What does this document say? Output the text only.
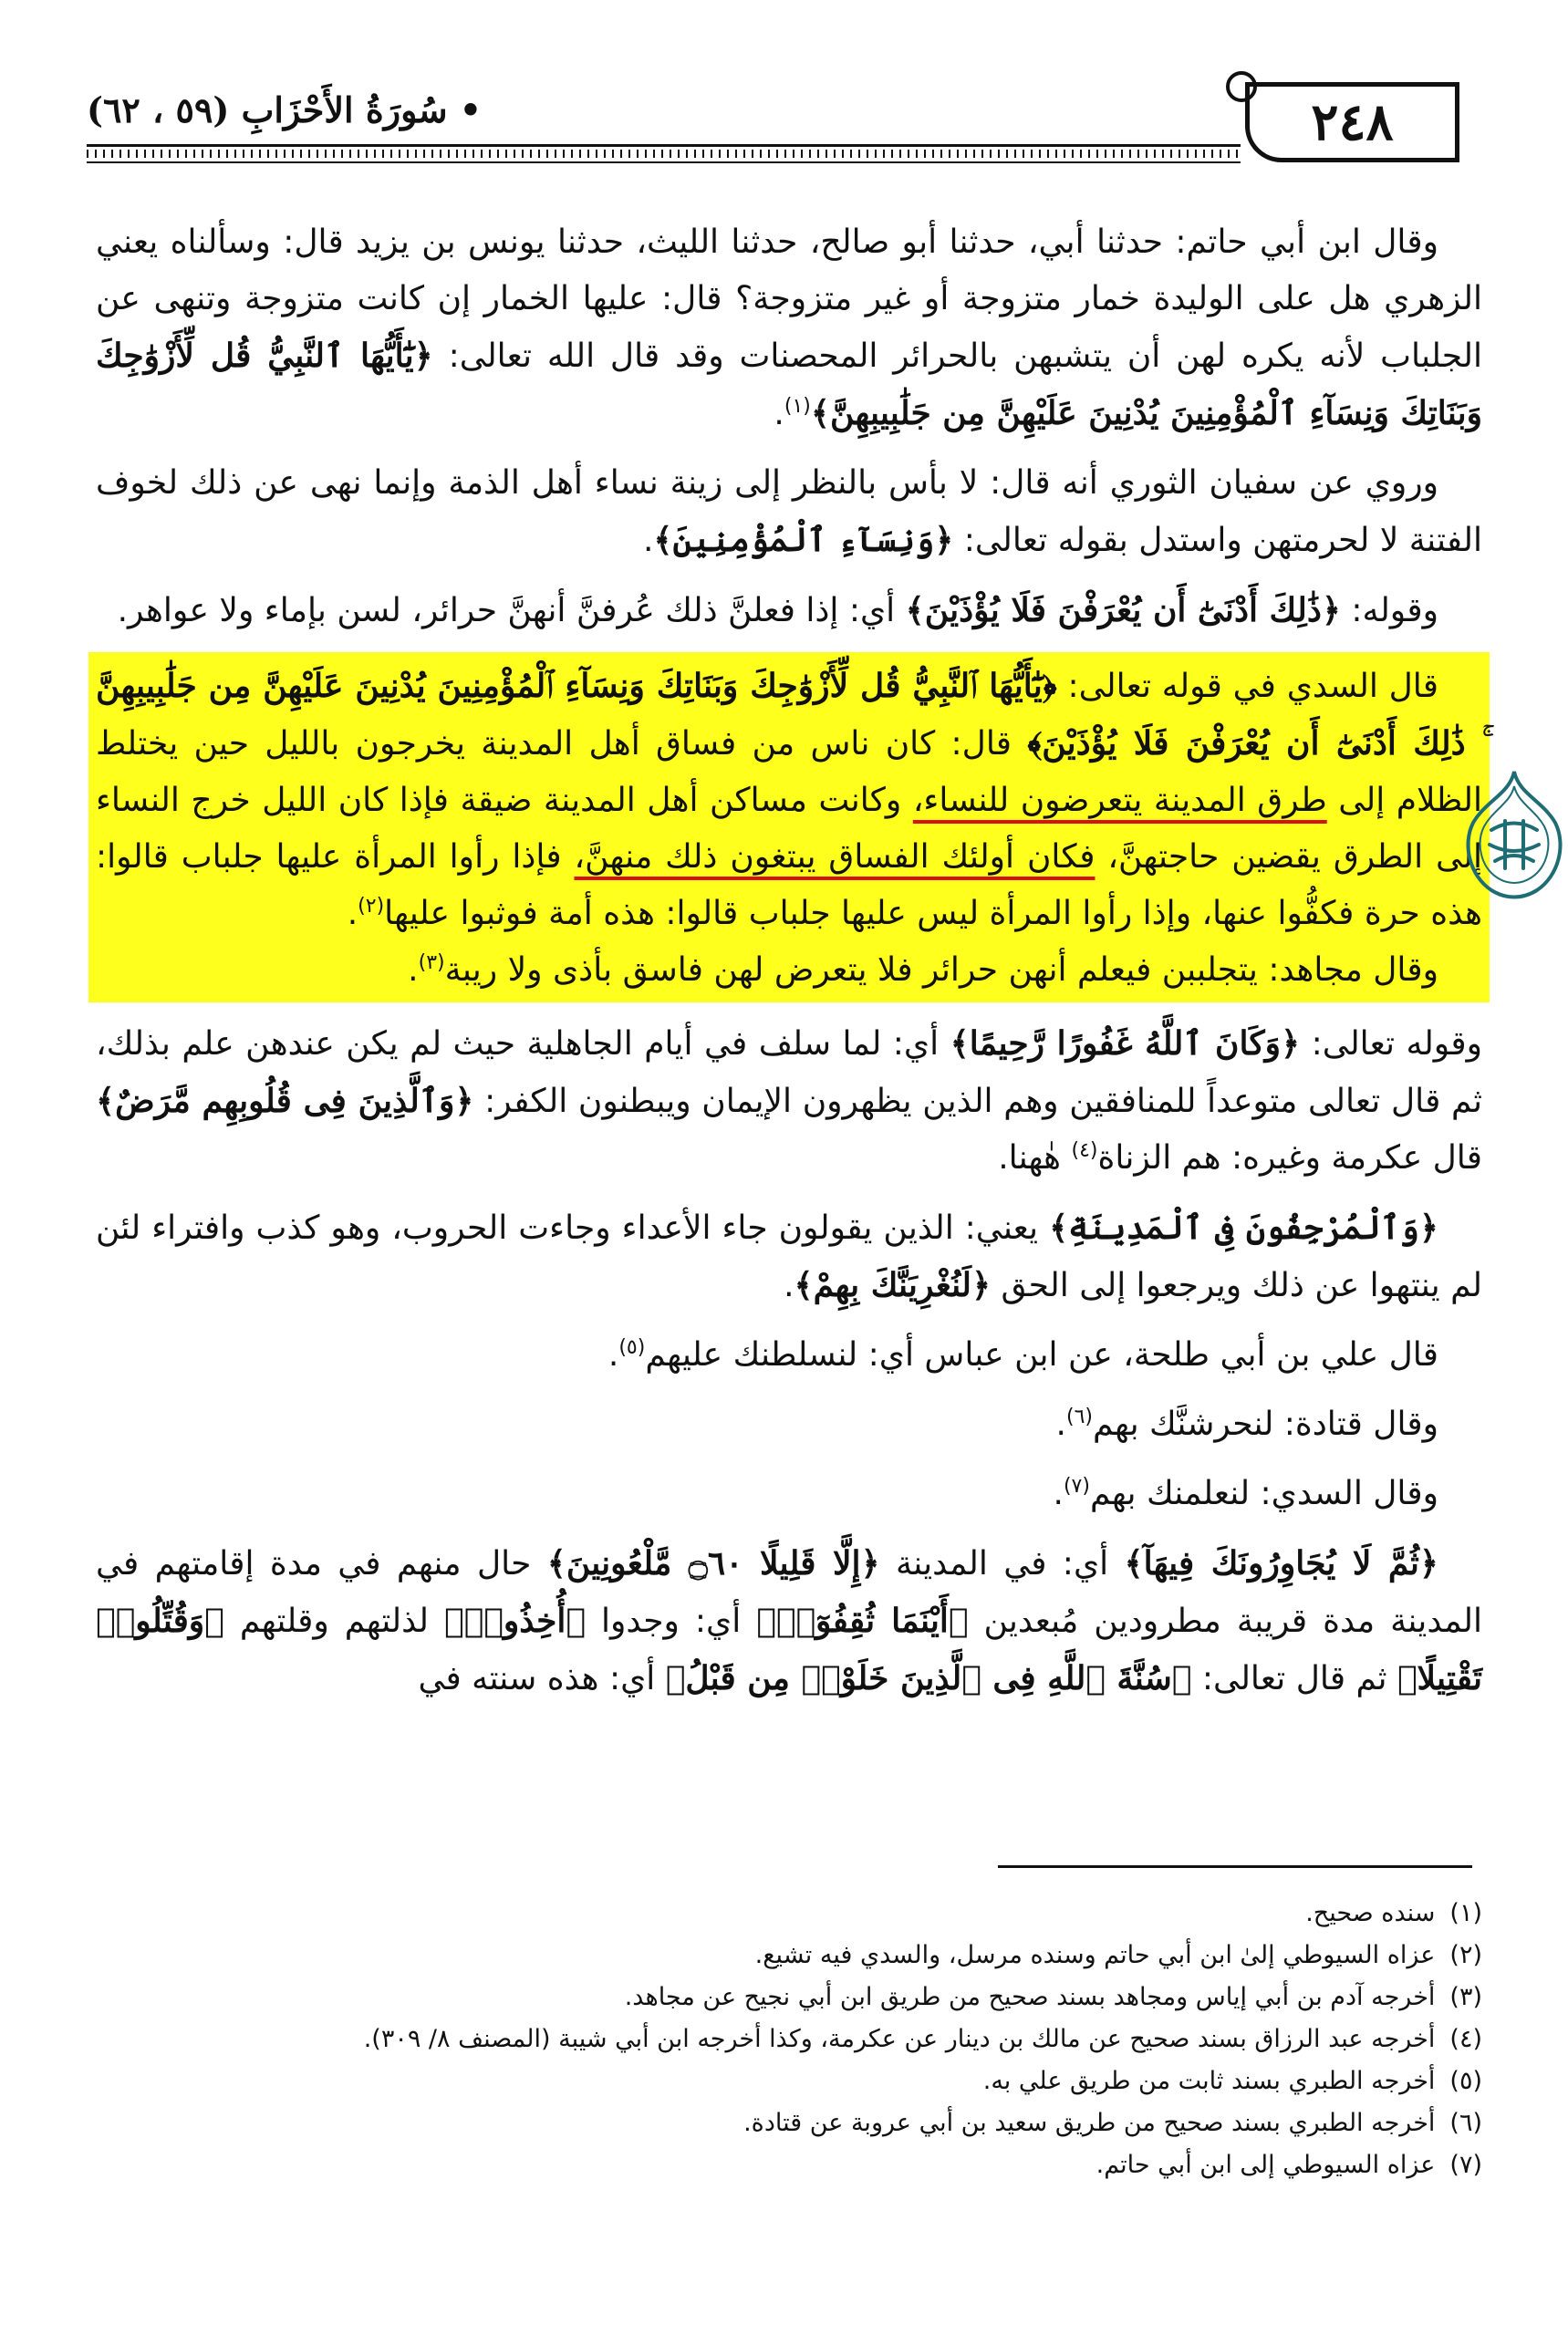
٢٤٨
• سُورَةُ الأَحْزَابِ (٥٩ ، ٦٢)

وقال ابن أبي حاتم: حدثنا أبي، حدثنا أبو صالح، حدثنا الليث، حدثنا يونس بن يزيد قال: وسألناه يعني الزهري هل على الوليدة خمار متزوجة أو غير متزوجة؟ قال: عليها الخمار إن كانت متزوجة وتنهى عن الجلباب لأنه يكره لهن أن يتشبهن بالحرائر المحصنات وقد قال الله تعالى: ﴿يَٰٓأَيُّهَا ٱلنَّبِيُّ قُل لِّأَزْوَٰجِكَ وَبَنَاتِكَ وَنِسَآءِ ٱلْمُؤْمِنِينَ يُدْنِينَ عَلَيْهِنَّ مِن جَلَٰبِيبِهِنَّ﴾$^{(١)}$.

وروي عن سفيان الثوري أنه قال: لا بأس بالنظر إلى زينة نساء أهل الذمة وإنما نهى عن ذلك لخوف الفتنة لا لحرمتهن واستدل بقوله تعالى: ﴿وَنِسَآءِ ٱلْمُؤْمِنِينَ﴾.

وقوله: ﴿ذَٰلِكَ أَدْنَىٰٓ أَن يُعْرَفْنَ فَلَا يُؤْذَيْنَ﴾ أي: إذا فعلنَّ ذلك عُرفنَّ أنهنَّ حرائر، لسن بإماء ولا عواهر.

قال السدي في قوله تعالى: ﴿يَٰٓأَيُّهَا ٱلنَّبِيُّ قُل لِّأَزْوَٰجِكَ وَبَنَاتِكَ وَنِسَآءِ ٱلْمُؤْمِنِينَ يُدْنِينَ عَلَيْهِنَّ مِن جَلَٰبِيبِهِنَّ ۚ ذَٰلِكَ أَدْنَىٰٓ أَن يُعْرَفْنَ فَلَا يُؤْذَيْنَ﴾ قال: كان ناس من فساق أهل المدينة يخرجون بالليل حين يختلط الظلام إلى طرق المدينة يتعرضون للنساء، وكانت مساكن أهل المدينة ضيقة فإذا كان الليل خرج النساء إلى الطرق يقضين حاجتهنَّ، فكان أولئك الفساق يبتغون ذلك منهنَّ، فإذا رأوا المرأة عليها جلباب قالوا: هذه حرة فكفُّوا عنها، وإذا رأوا المرأة ليس عليها جلباب قالوا: هذه أمة فوثبوا عليها$^{(٢)}$.

وقال مجاهد: يتجلببن فيعلم أنهن حرائر فلا يتعرض لهن فاسق بأذى ولا ريبة$^{(٣)}$.

وقوله تعالى: ﴿وَكَانَ ٱللَّهُ غَفُورًا رَّحِيمًا﴾ أي: لما سلف في أيام الجاهلية حيث لم يكن عندهن علم بذلك، ثم قال تعالى متوعداً للمنافقين وهم الذين يظهرون الإيمان ويبطنون الكفر: ﴿وَٱلَّذِينَ فِى قُلُوبِهِم مَّرَضٌ﴾ قال عكرمة وغيره: هم الزناة$^{(٤)}$ هٰهنا.

﴿وَٱلْمُرْجِفُونَ فِى ٱلْمَدِينَةِ﴾ يعني: الذين يقولون جاء الأعداء وجاءت الحروب، وهو كذب وافتراء لئن لم ينتهوا عن ذلك ويرجعوا إلى الحق ﴿لَنُغْرِيَنَّكَ بِهِمْ﴾.

قال علي بن أبي طلحة، عن ابن عباس أي: لنسلطنك عليهم$^{(٥)}$.

وقال قتادة: لنحرشنَّك بهم$^{(٦)}$.

وقال السدي: لنعلمنك بهم$^{(٧)}$.

﴿ثُمَّ لَا يُجَاوِرُونَكَ فِيهَآ﴾ أي: في المدينة ﴿إِلَّا قَلِيلًا ۝٦٠ مَّلْعُونِينَ﴾ حال منهم في مدة إقامتهم في المدينة مدة قريبة مطرودين مُبعدين ﴿أَيْنَمَا ثُقِفُوٓا۟﴾ أي: وجدوا ﴿أُخِذُوا۟﴾ لذلتهم وقلتهم ﴿وَقُتِّلُوا۟ تَقْتِيلًا﴾ ثم قال تعالى: ﴿سُنَّةَ ٱللَّهِ فِى ٱلَّذِينَ خَلَوْا۟ مِن قَبْلُ﴾ أي: هذه سنته في

(١)
سنده صحيح.
(٢)
عزاه السيوطي إلىٰ ابن أبي حاتم وسنده مرسل، والسدي فيه تشيع.
(٣)
أخرجه آدم بن أبي إياس ومجاهد بسند صحيح من طريق ابن أبي نجيح عن مجاهد.
(٤)
أخرجه عبد الرزاق بسند صحيح عن مالك بن دينار عن عكرمة، وكذا أخرجه ابن أبي شيبة (المصنف ٨/ ٣٠٩).
(٥)
أخرجه الطبري بسند ثابت من طريق علي به.
(٦)
أخرجه الطبري بسند صحيح من طريق سعيد بن أبي عروبة عن قتادة.
(٧)
عزاه السيوطي إلى ابن أبي حاتم.
